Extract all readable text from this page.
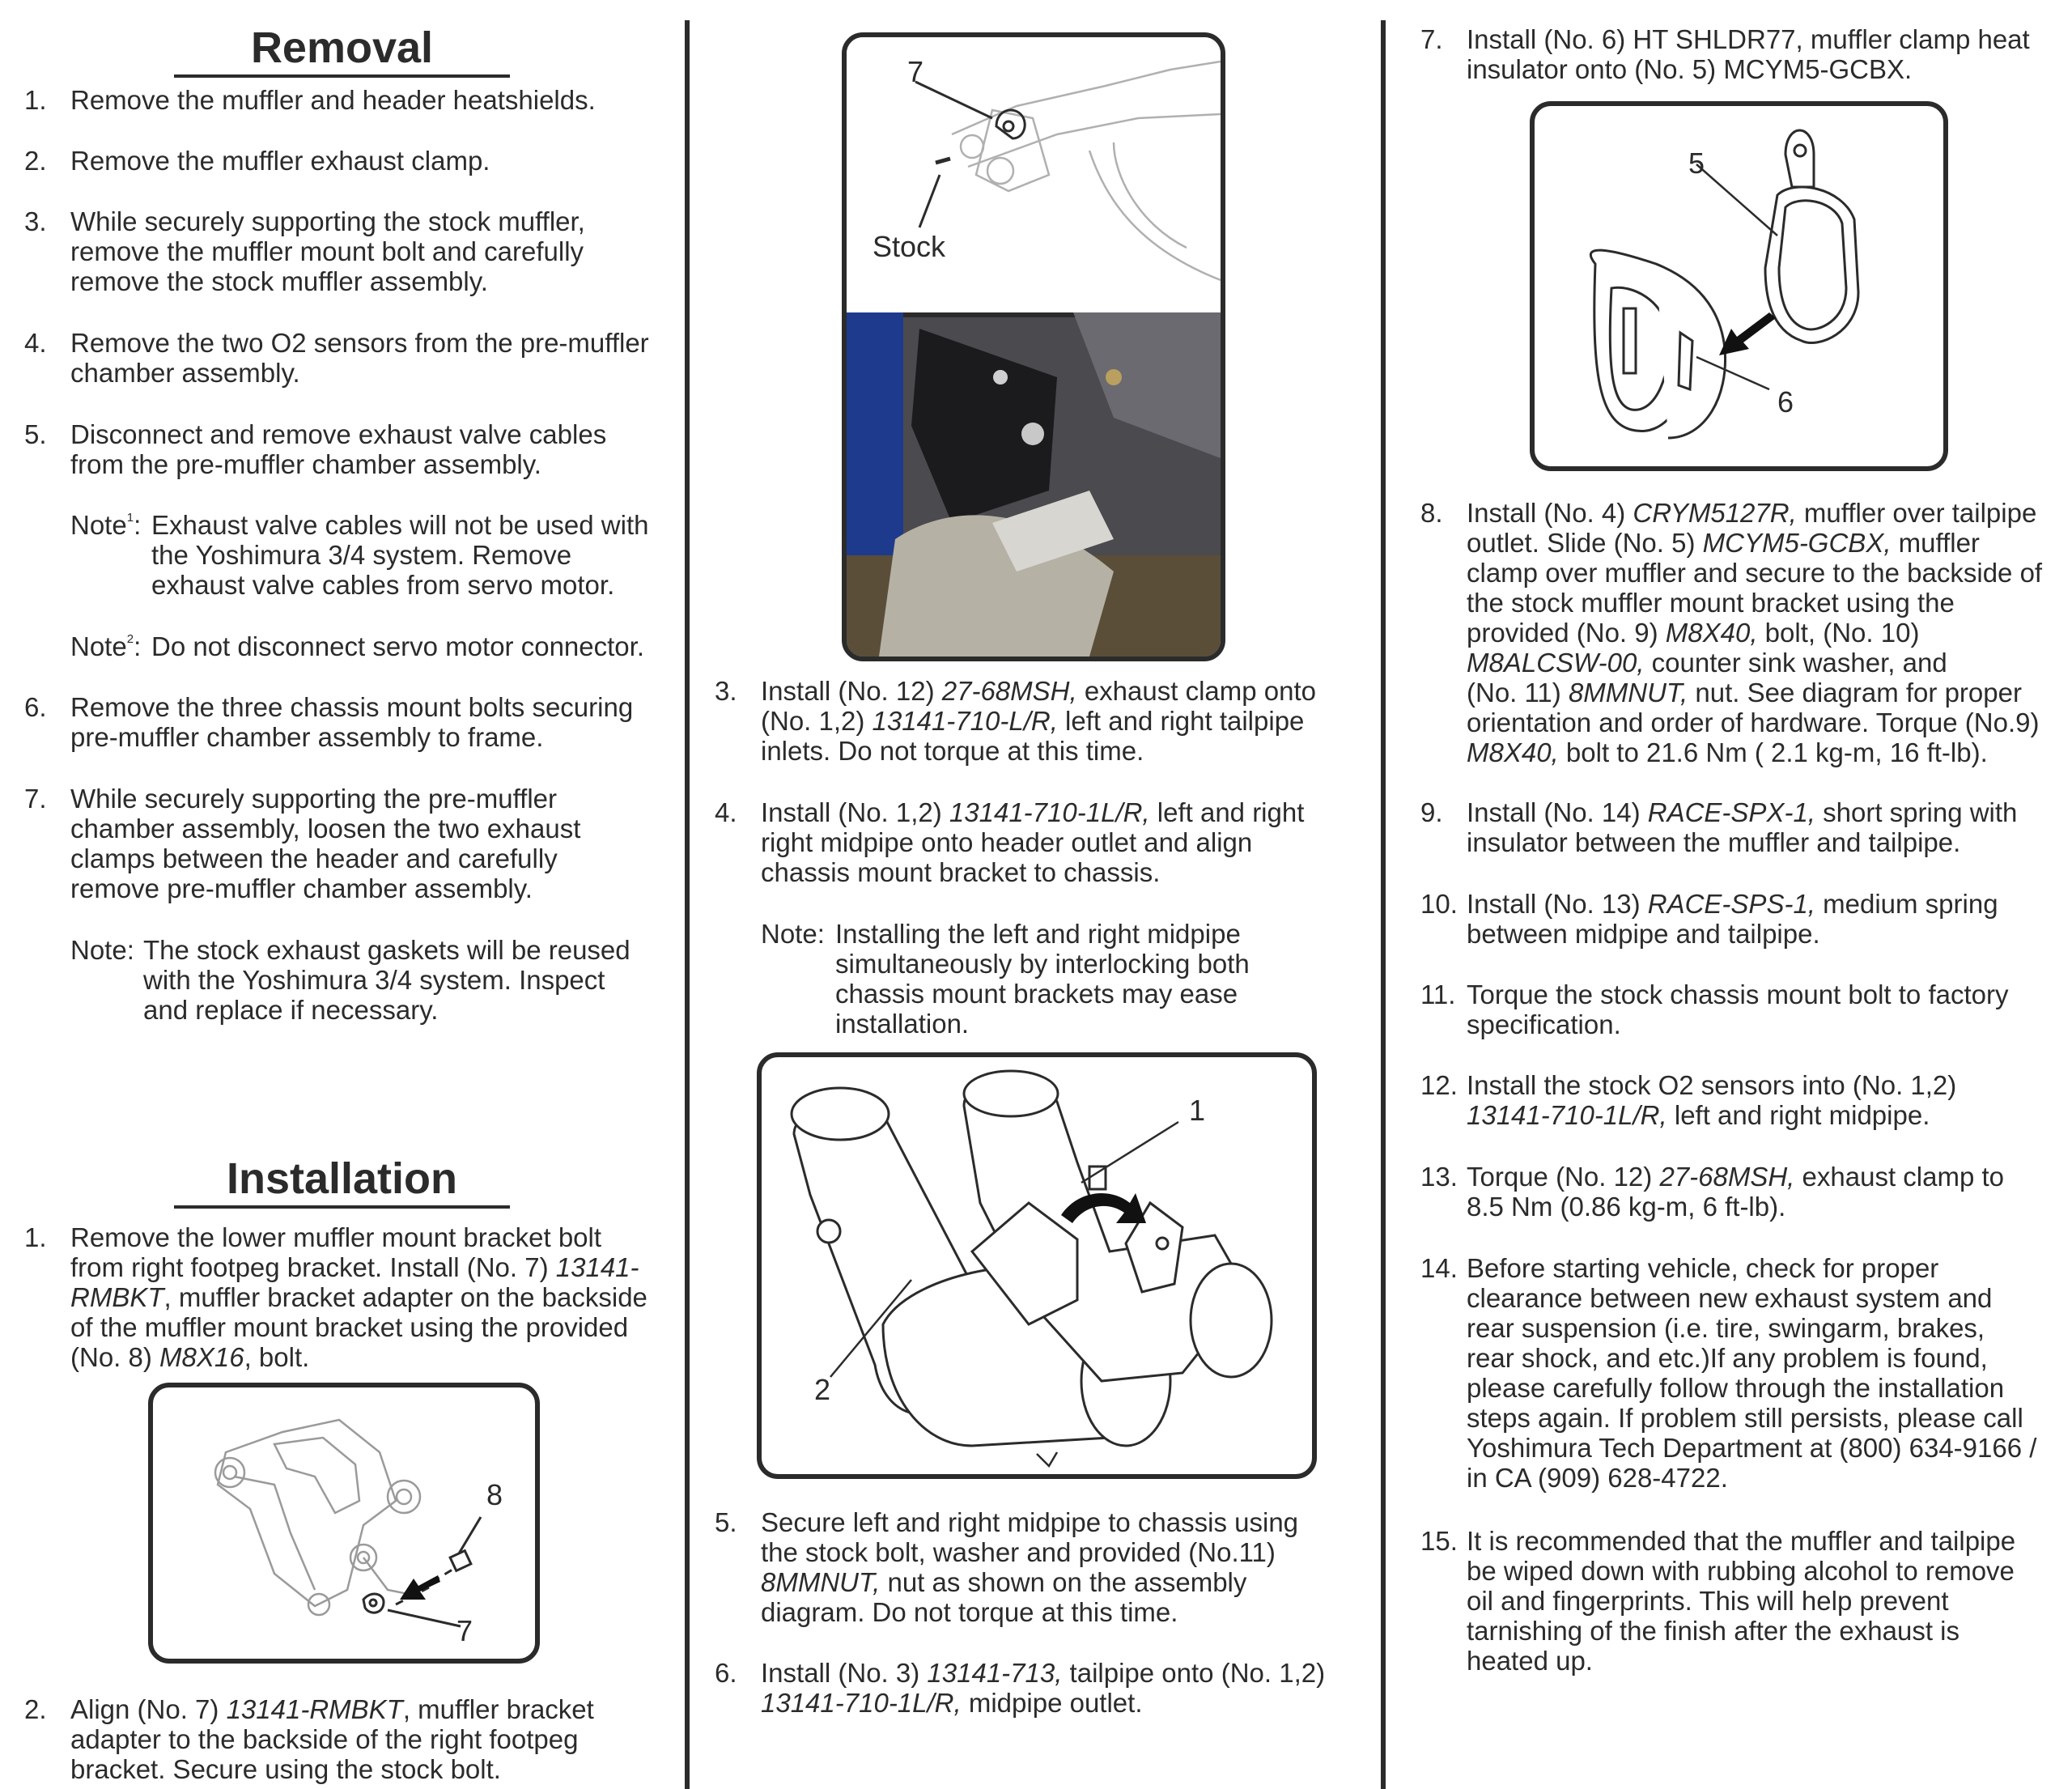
Removal
1. Remove the muffler and header heatshields.
2. Remove the muffler exhaust clamp.
3. While securely supporting the stock muffler,
remove the muffler mount bolt and carefully
remove the stock muffler assembly.
4. Remove the two O2 sensors from the pre-muffler
chamber assembly.
5. Disconnect and remove exhaust valve cables
from the pre-muffler chamber assembly.
Note$^1$: Exhaust valve cables will not be used with
the Yoshimura 3/4 system. Remove
exhaust valve cables from servo motor.
Note$^2$: Do not disconnect servo motor connector.
6. Remove the three chassis mount bolts securing
pre-muffler chamber assembly to frame.
7. While securely supporting the pre-muffler
chamber assembly, loosen the two exhaust
clamps between the header and carefully
remove pre-muffler chamber assembly.
Note: The stock exhaust gaskets will be reused
with the Yoshimura 3/4 system. Inspect
and replace if necessary.
Installation
1. Remove the lower muffler mount bracket bolt
from right footpeg bracket. Install (No. 7) 13141-
RMBKT, muffler bracket adapter on the backside
of the muffler mount bracket using the provided
(No. 8) M8X16, bolt.
8
7
2. Align (No. 7) 13141-RMBKT, muffler bracket
adapter to the backside of the right footpeg
bracket. Secure using the stock bolt.
7
Stock
3. Install (No. 12) 27-68MSH, exhaust clamp onto
(No. 1,2) 13141-710-L/R, left and right tailpipe
inlets. Do not torque at this time.
4. Install (No. 1,2) 13141-710-1L/R, left and right
right midpipe onto header outlet and align
chassis mount bracket to chassis.
Note: Installing the left and right midpipe
simultaneously by interlocking both
chassis mount brackets may ease
installation.
1
2
5. Secure left and right midpipe to chassis using
the stock bolt, washer and provided (No.11)
8MMNUT, nut as shown on the assembly
diagram. Do not torque at this time.
6. Install (No. 3) 13141-713, tailpipe onto (No. 1,2)
13141-710-1L/R, midpipe outlet.
7. Install (No. 6) HT SHLDR77, muffler clamp heat
insulator onto (No. 5) MCYM5-GCBX.
5
6
8. Install (No. 4) CRYM5127R, muffler over tailpipe
outlet. Slide (No. 5) MCYM5-GCBX, muffler
clamp over muffler and secure to the backside of
the stock muffler mount bracket using the
provided (No. 9) M8X40, bolt, (No. 10)
M8ALCSW-00, counter sink washer, and
(No. 11) 8MMNUT, nut. See diagram for proper
orientation and order of hardware. Torque (No.9)
M8X40, bolt to 21.6 Nm ( 2.1 kg-m, 16 ft-lb).
9. Install (No. 14) RACE-SPX-1, short spring with
insulator between the muffler and tailpipe.
10. Install (No. 13) RACE-SPS-1, medium spring
between midpipe and tailpipe.
11. Torque the stock chassis mount bolt to factory
specification.
12. Install the stock O2 sensors into (No. 1,2)
13141-710-1L/R, left and right midpipe.
13. Torque (No. 12) 27-68MSH, exhaust clamp to
8.5 Nm (0.86 kg-m, 6 ft-lb).
14. Before starting vehicle, check for proper
clearance between new exhaust system and
rear suspension (i.e. tire, swingarm, brakes,
rear shock, and etc.)If any problem is found,
please carefully follow through the installation
steps again. If problem still persists, please call
Yoshimura Tech Department at (800) 634-9166 /
in CA (909) 628-4722.
15. It is recommended that the muffler and tailpipe
be wiped down with rubbing alcohol to remove
oil and fingerprints. This will help prevent
tarnishing of the finish after the exhaust is
heated up.
